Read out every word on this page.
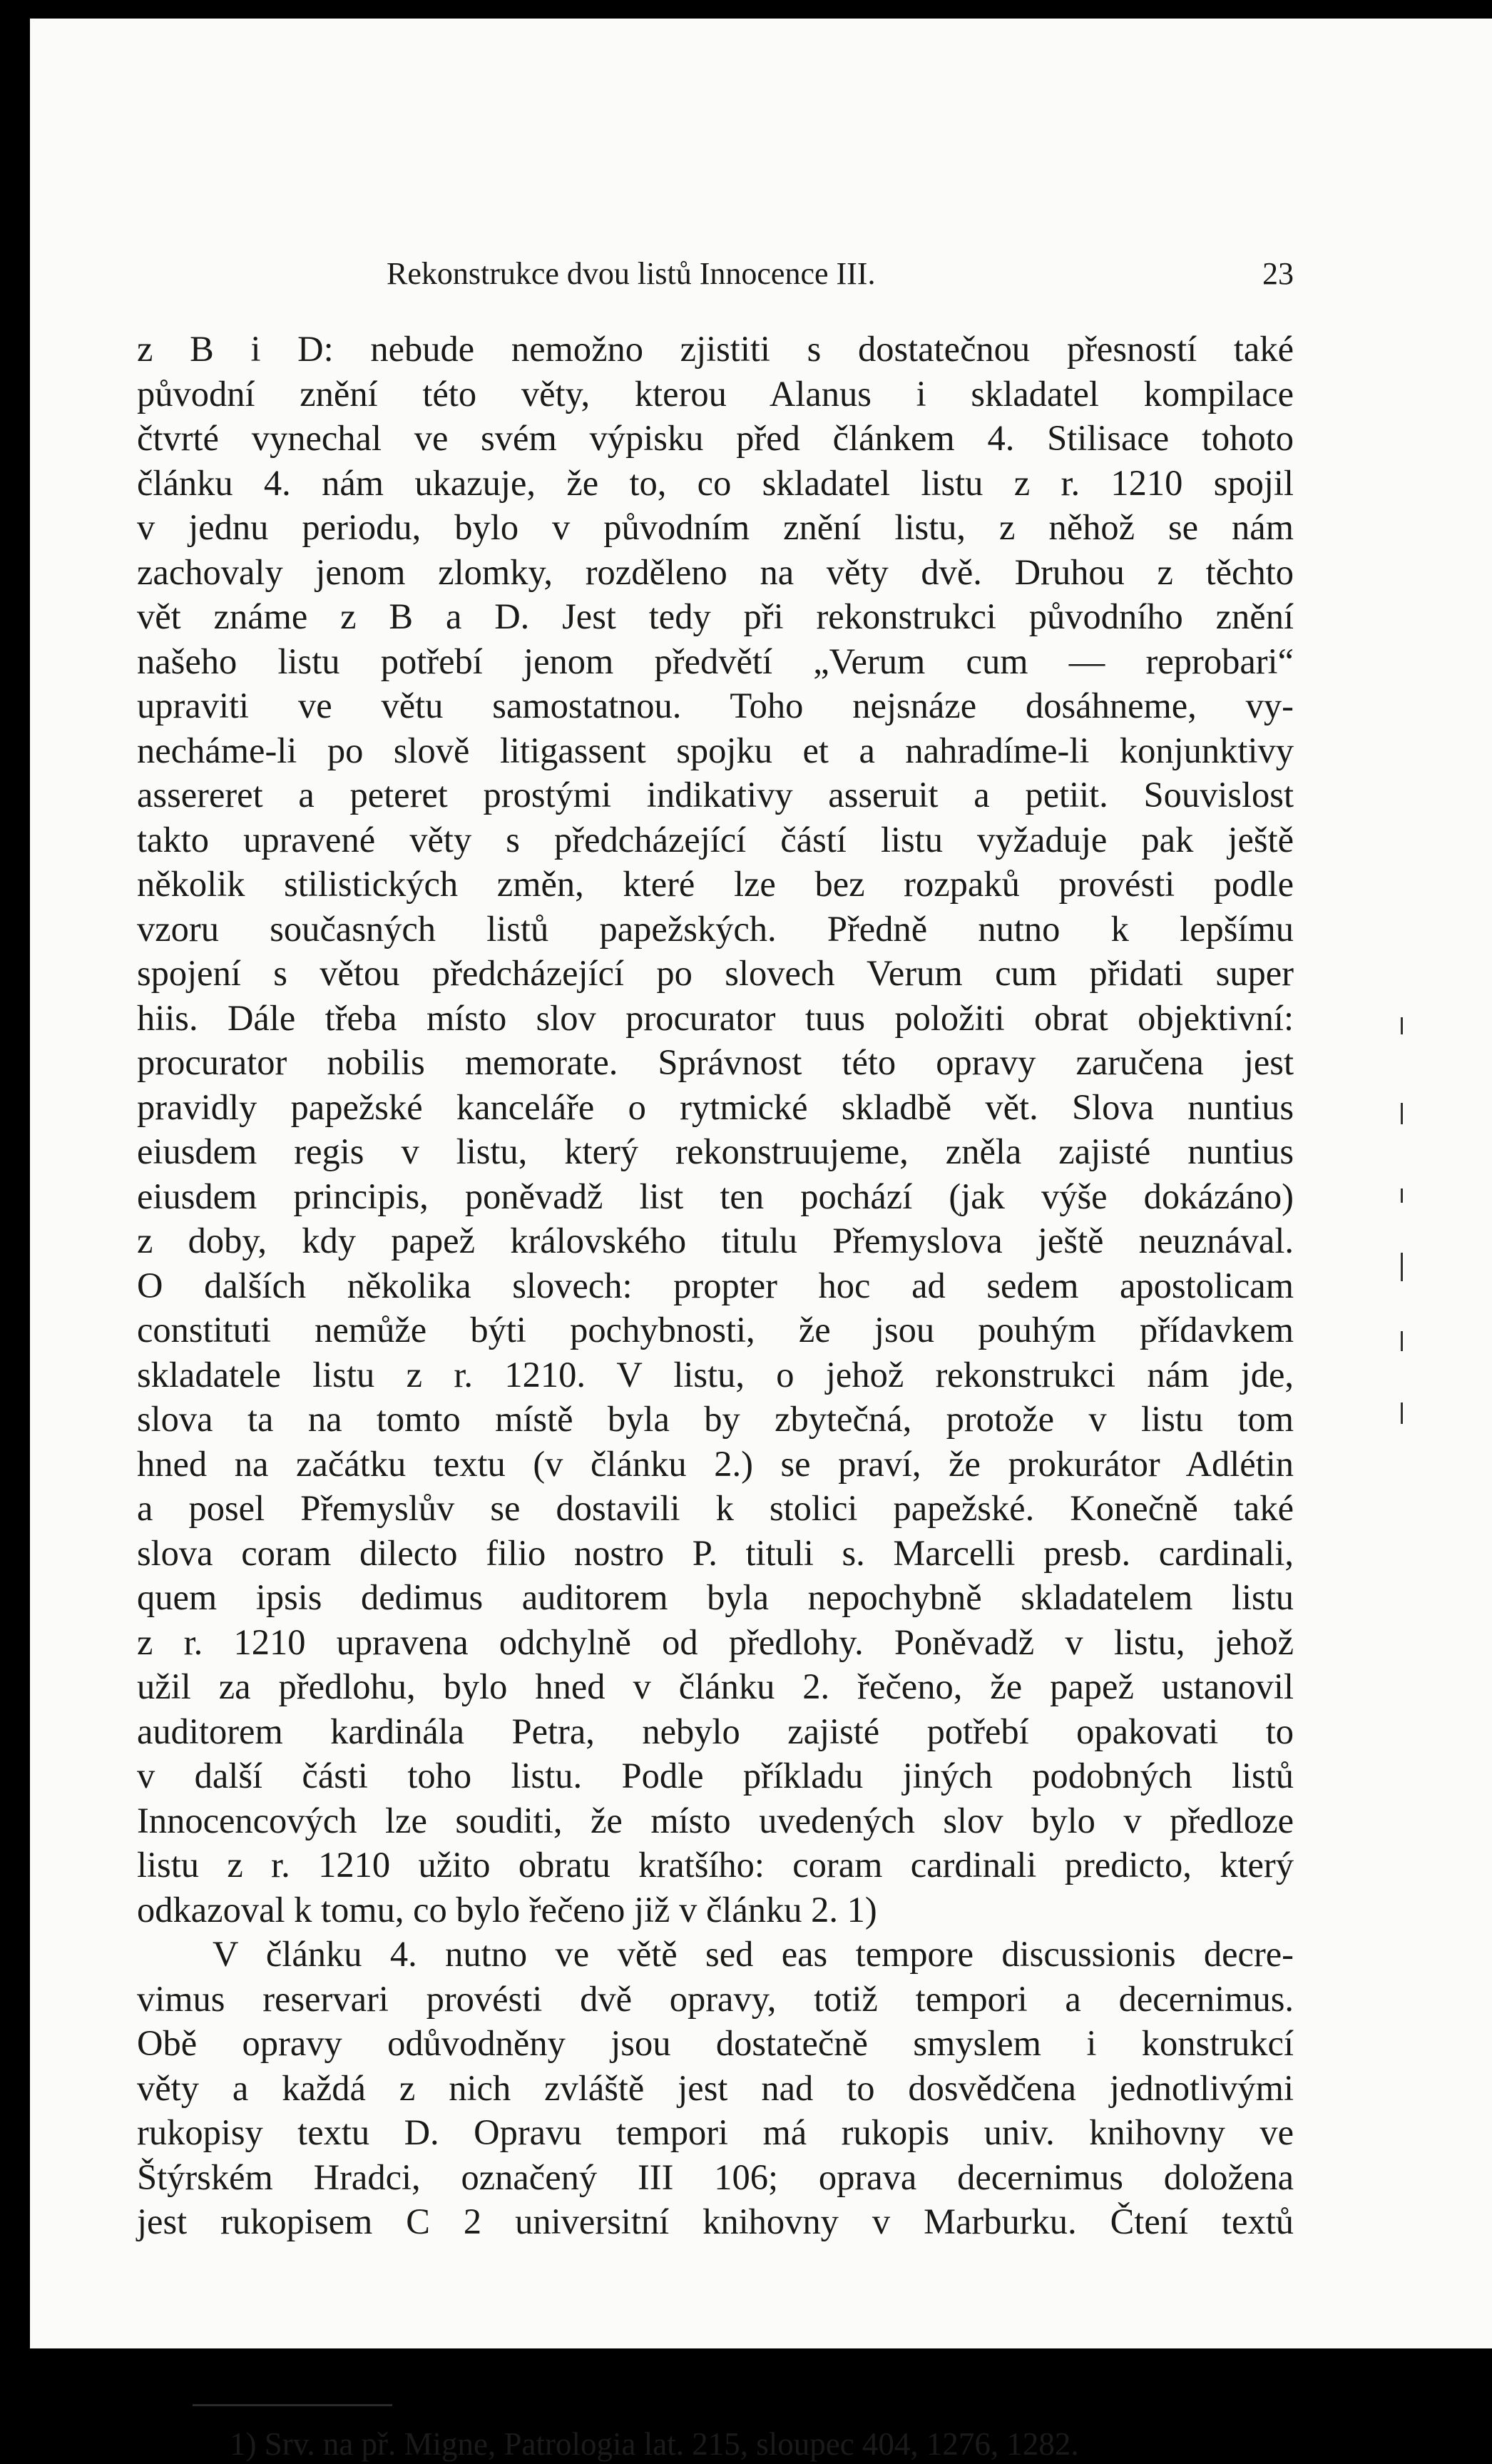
Rekonstrukce dvou listů Innocence III.	23
z B i D: nebude nemožno zjistiti s dostatečnou přesností také
původní znění této věty, kterou Alanus i skladatel kompilace
čtvrté vynechal ve svém výpisku před článkem 4. Stilisace tohoto
článku 4. nám ukazuje, že to, co skladatel listu z r. 1210 spojil
v jednu periodu, bylo v původním znění listu, z něhož se nám
zachovaly jenom zlomky, rozděleno na věty dvě. Druhou z těchto
vět známe z B a D. Jest tedy při rekonstrukci původního znění
našeho listu potřebí jenom předvětí „Verum cum — reprobari“
upraviti ve větu samostatnou. Toho nejsnáze dosáhneme, vy-
necháme-li po slově litigassent spojku et a nahradíme-li konjunktivy
assereret a peteret prostými indikativy asseruit a petiit. Souvislost
takto upravené věty s předcházející částí listu vyžaduje pak ještě
několik stilistických změn, které lze bez rozpaků provésti podle
vzoru současných listů papežských. Předně nutno k lepšímu
spojení s větou předcházející po slovech Verum cum přidati super
hiis. Dále třeba místo slov procurator tuus položiti obrat objektivní:
procurator nobilis memorate. Správnost této opravy zaručena jest
pravidly papežské kanceláře o rytmické skladbě vět. Slova nuntius
eiusdem regis v listu, který rekonstruujeme, zněla zajisté nuntius
eiusdem principis, poněvadž list ten pochází (jak výše dokázáno)
z doby, kdy papež královského titulu Přemyslova ještě neuznával.
O dalších několika slovech: propter hoc ad sedem apostolicam
constituti nemůže býti pochybnosti, že jsou pouhým přídavkem
skladatele listu z r. 1210. V listu, o jehož rekonstrukci nám jde,
slova ta na tomto místě byla by zbytečná, protože v listu tom
hned na začátku textu (v článku 2.) se praví, že prokurátor Adlétin
a posel Přemyslův se dostavili k stolici papežské. Konečně také
slova coram dilecto filio nostro P. tituli s. Marcelli presb. cardinali,
quem ipsis dedimus auditorem byla nepochybně skladatelem listu
z r. 1210 upravena odchylně od předlohy. Poněvadž v listu, jehož
užil za předlohu, bylo hned v článku 2. řečeno, že papež ustanovil
auditorem kardinála Petra, nebylo zajisté potřebí opakovati to
v další části toho listu. Podle příkladu jiných podobných listů
Innocencových lze souditi, že místo uvedených slov bylo v předloze
listu z r. 1210 užito obratu kratšího: coram cardinali predicto, který
odkazoval k tomu, co bylo řečeno již v článku 2. 1)
V článku 4. nutno ve větě sed eas tempore discussionis decre-
vimus reservari provésti dvě opravy, totiž tempori a decernimus.
Obě opravy odůvodněny jsou dostatečně smyslem i konstrukcí
věty a každá z nich zvláště jest nad to dosvědčena jednotlivými
rukopisy textu D. Opravu tempori má rukopis univ. knihovny ve
Štýrském Hradci, označený III 106; oprava decernimus doložena
jest rukopisem C 2 universitní knihovny v Marburku. Čtení textů
1) Srv. na př. Migne, Patrologia lat. 215, sloupec 404, 1276, 1282.
